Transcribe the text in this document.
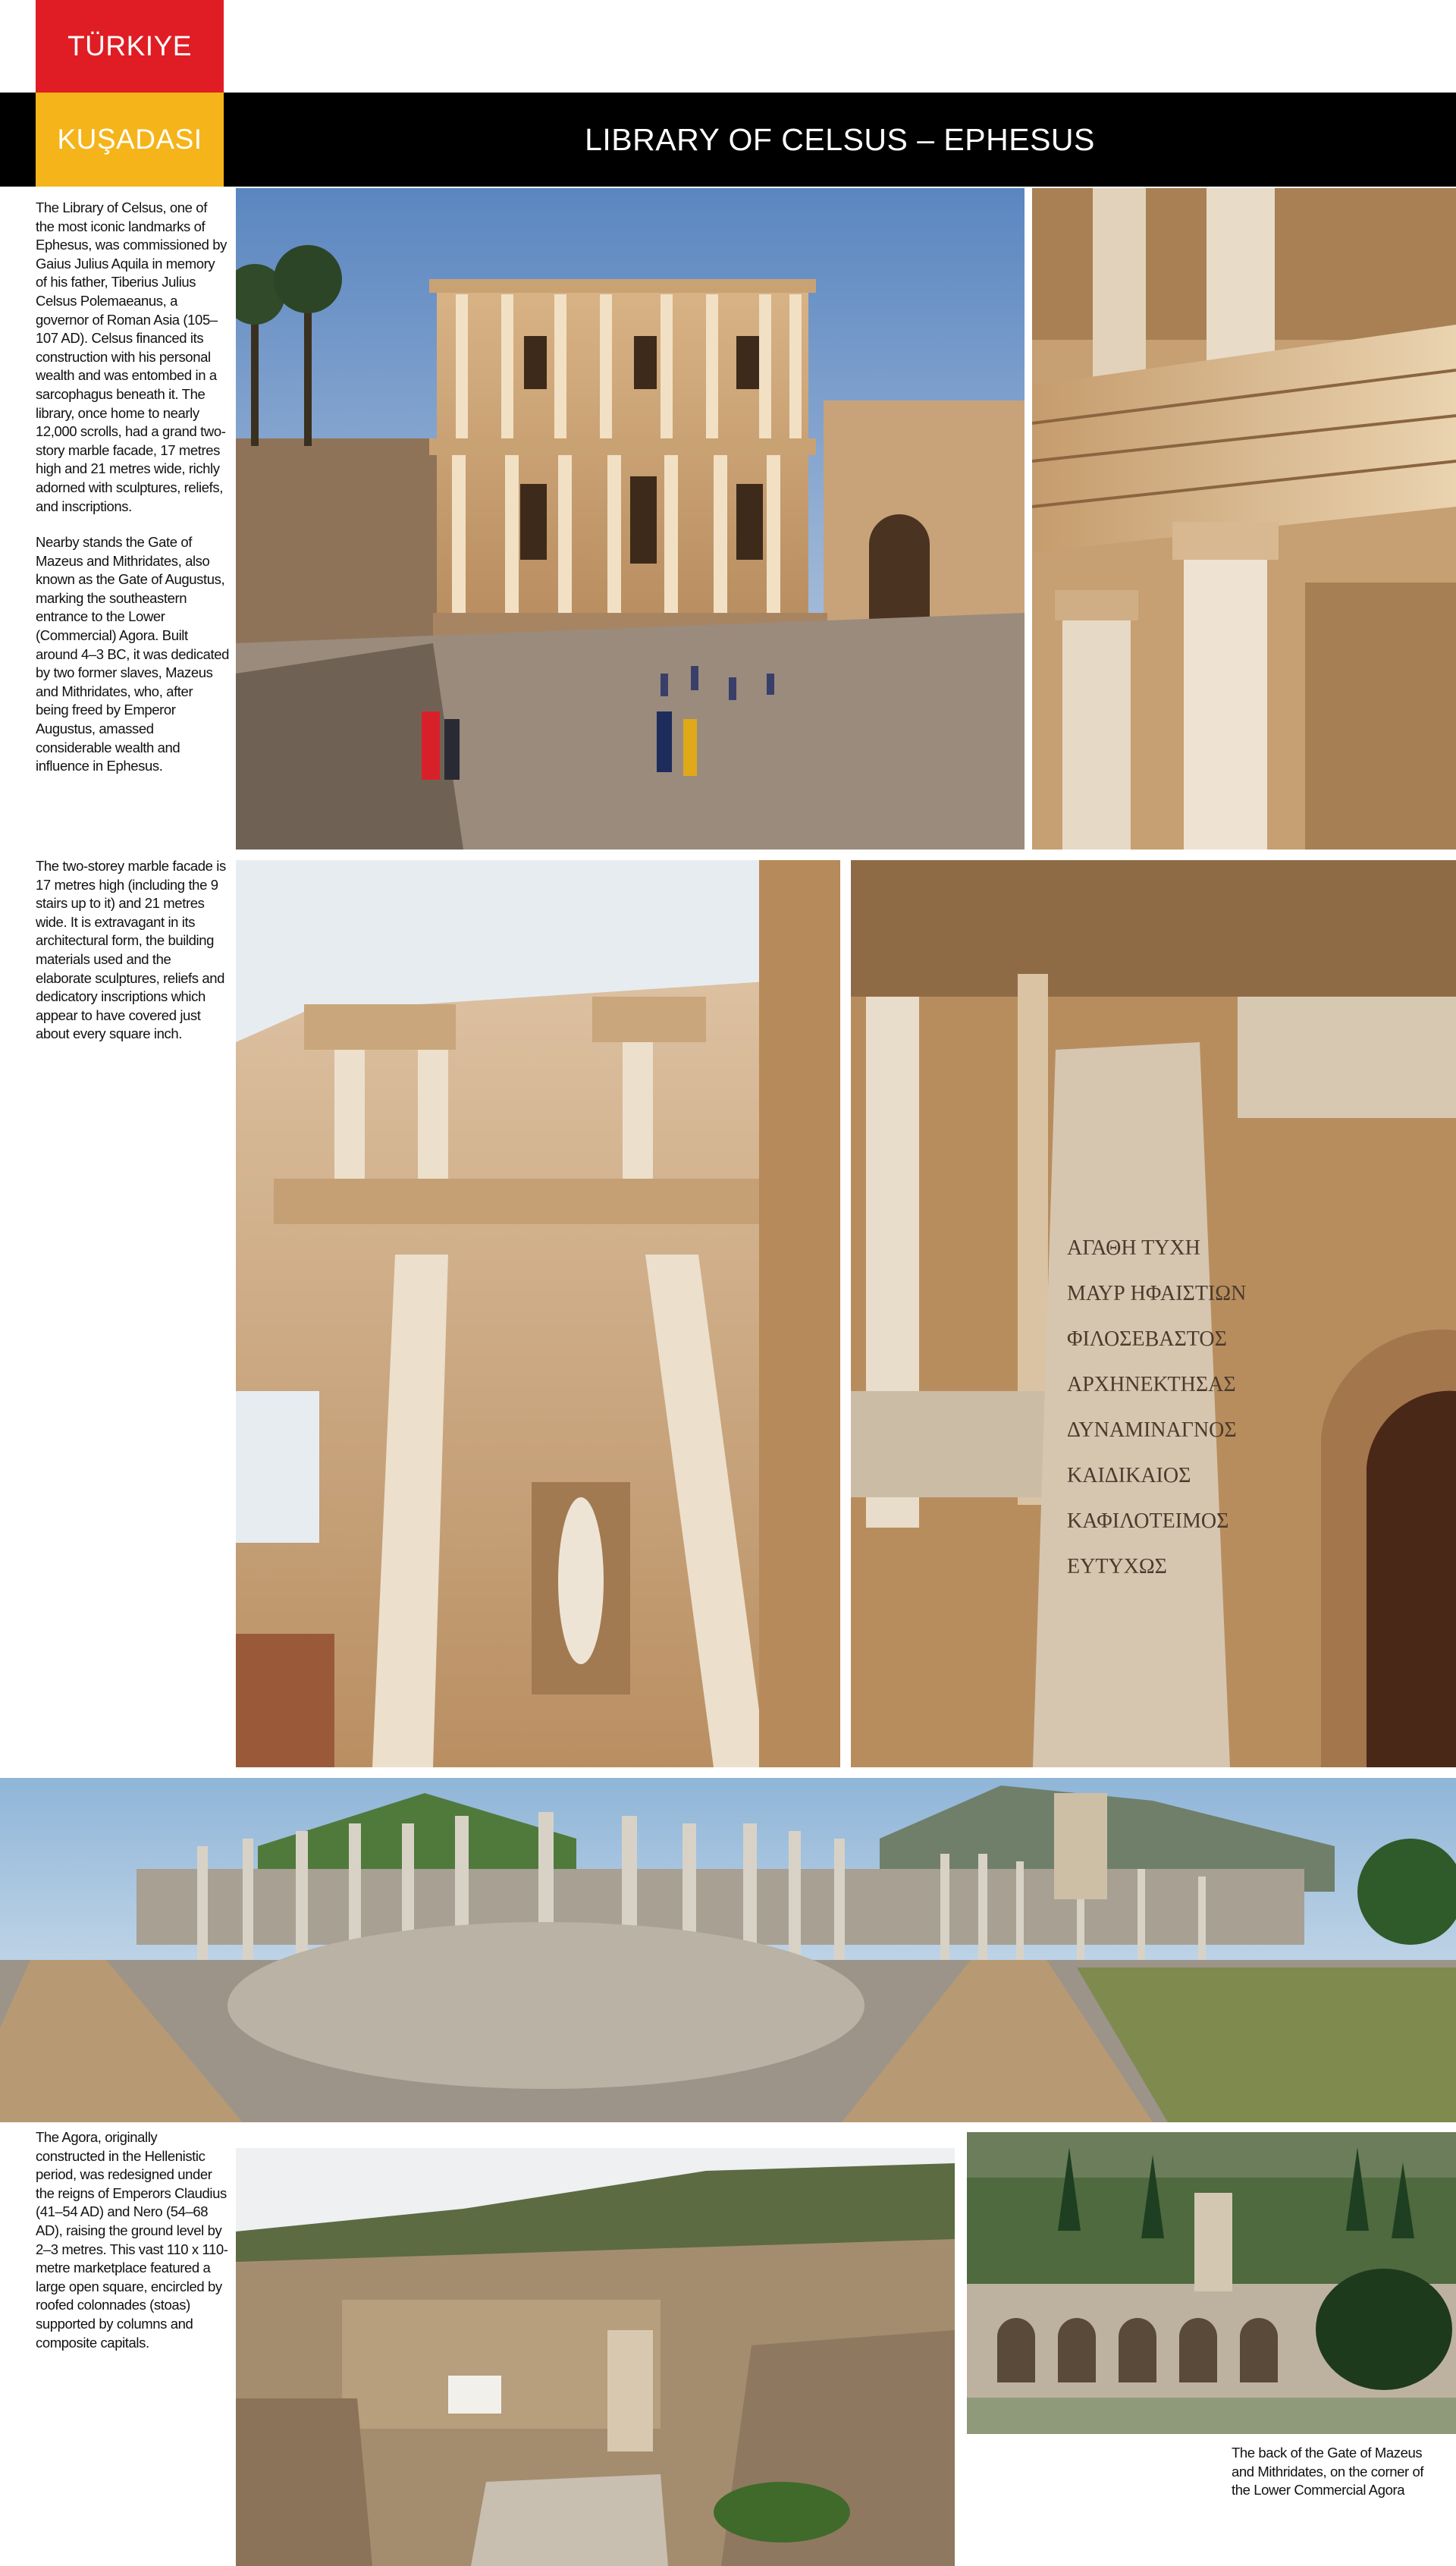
TÜRKIYE
KUŞADASI	LIBRARY OF CELSUS – EPHESUS
The Library of Celsus, one of the most iconic landmarks of Ephesus, was commissioned by Gaius Julius Aquila in memory of his father, Tiberius Julius Celsus Polemaeanus, a governor of Roman Asia (105–107 AD). Celsus financed its construction with his personal wealth and was entombed in a sarcophagus beneath it. The library, once home to nearly 12,000 scrolls, had a grand two-story marble facade, 17 metres high and 21 metres wide, richly adorned with sculptures, reliefs, and inscriptions.
Nearby stands the Gate of Mazeus and Mithridates, also known as the Gate of Augustus, marking the southeastern entrance to the Lower (Commercial) Agora. Built around 4–3 BC, it was dedicated by two former slaves, Mazeus and Mithridates, who, after being freed by Emperor Augustus, amassed considerable wealth and influence in Ephesus.
The two-storey marble facade is 17 metres high (including the 9 stairs up to it) and 21 metres wide. It is extravagant in its architectural form, the building materials used and the elaborate sculptures, reliefs and dedicatory inscriptions which appear to have covered just about every square inch.
The Agora, originally constructed in the Hellenistic period, was redesigned under the reigns of Emperors Claudius (41–54 AD) and Nero (54–68 AD), raising the ground level by 2–3 metres. This vast 110 x 110-metre marketplace featured a large open square, encircled by roofed colonnades (stoas) supported by columns and composite capitals.
The back of the Gate of Mazeus and Mithridates, on the corner of the Lower Commercial Agora
ΑΓΑΘΗ ΤΥΧΗ
ΜΑΥΡ ΗΦΑΙΣΤΙΩΝ
ΦΙΛΟΣΕΒΑΣΤΟΣ
ΑΡΧΗΝΕΚΤΗΣΑΣ
ΔΥΝΑΜΙΝΑΓΝΟΣ
ΚΑΙΔΙΚΑΙΟΣ
ΚΑΦΙΛΟΤΕΙΜΟΣ
ΕΥΤΥΧΩΣ
